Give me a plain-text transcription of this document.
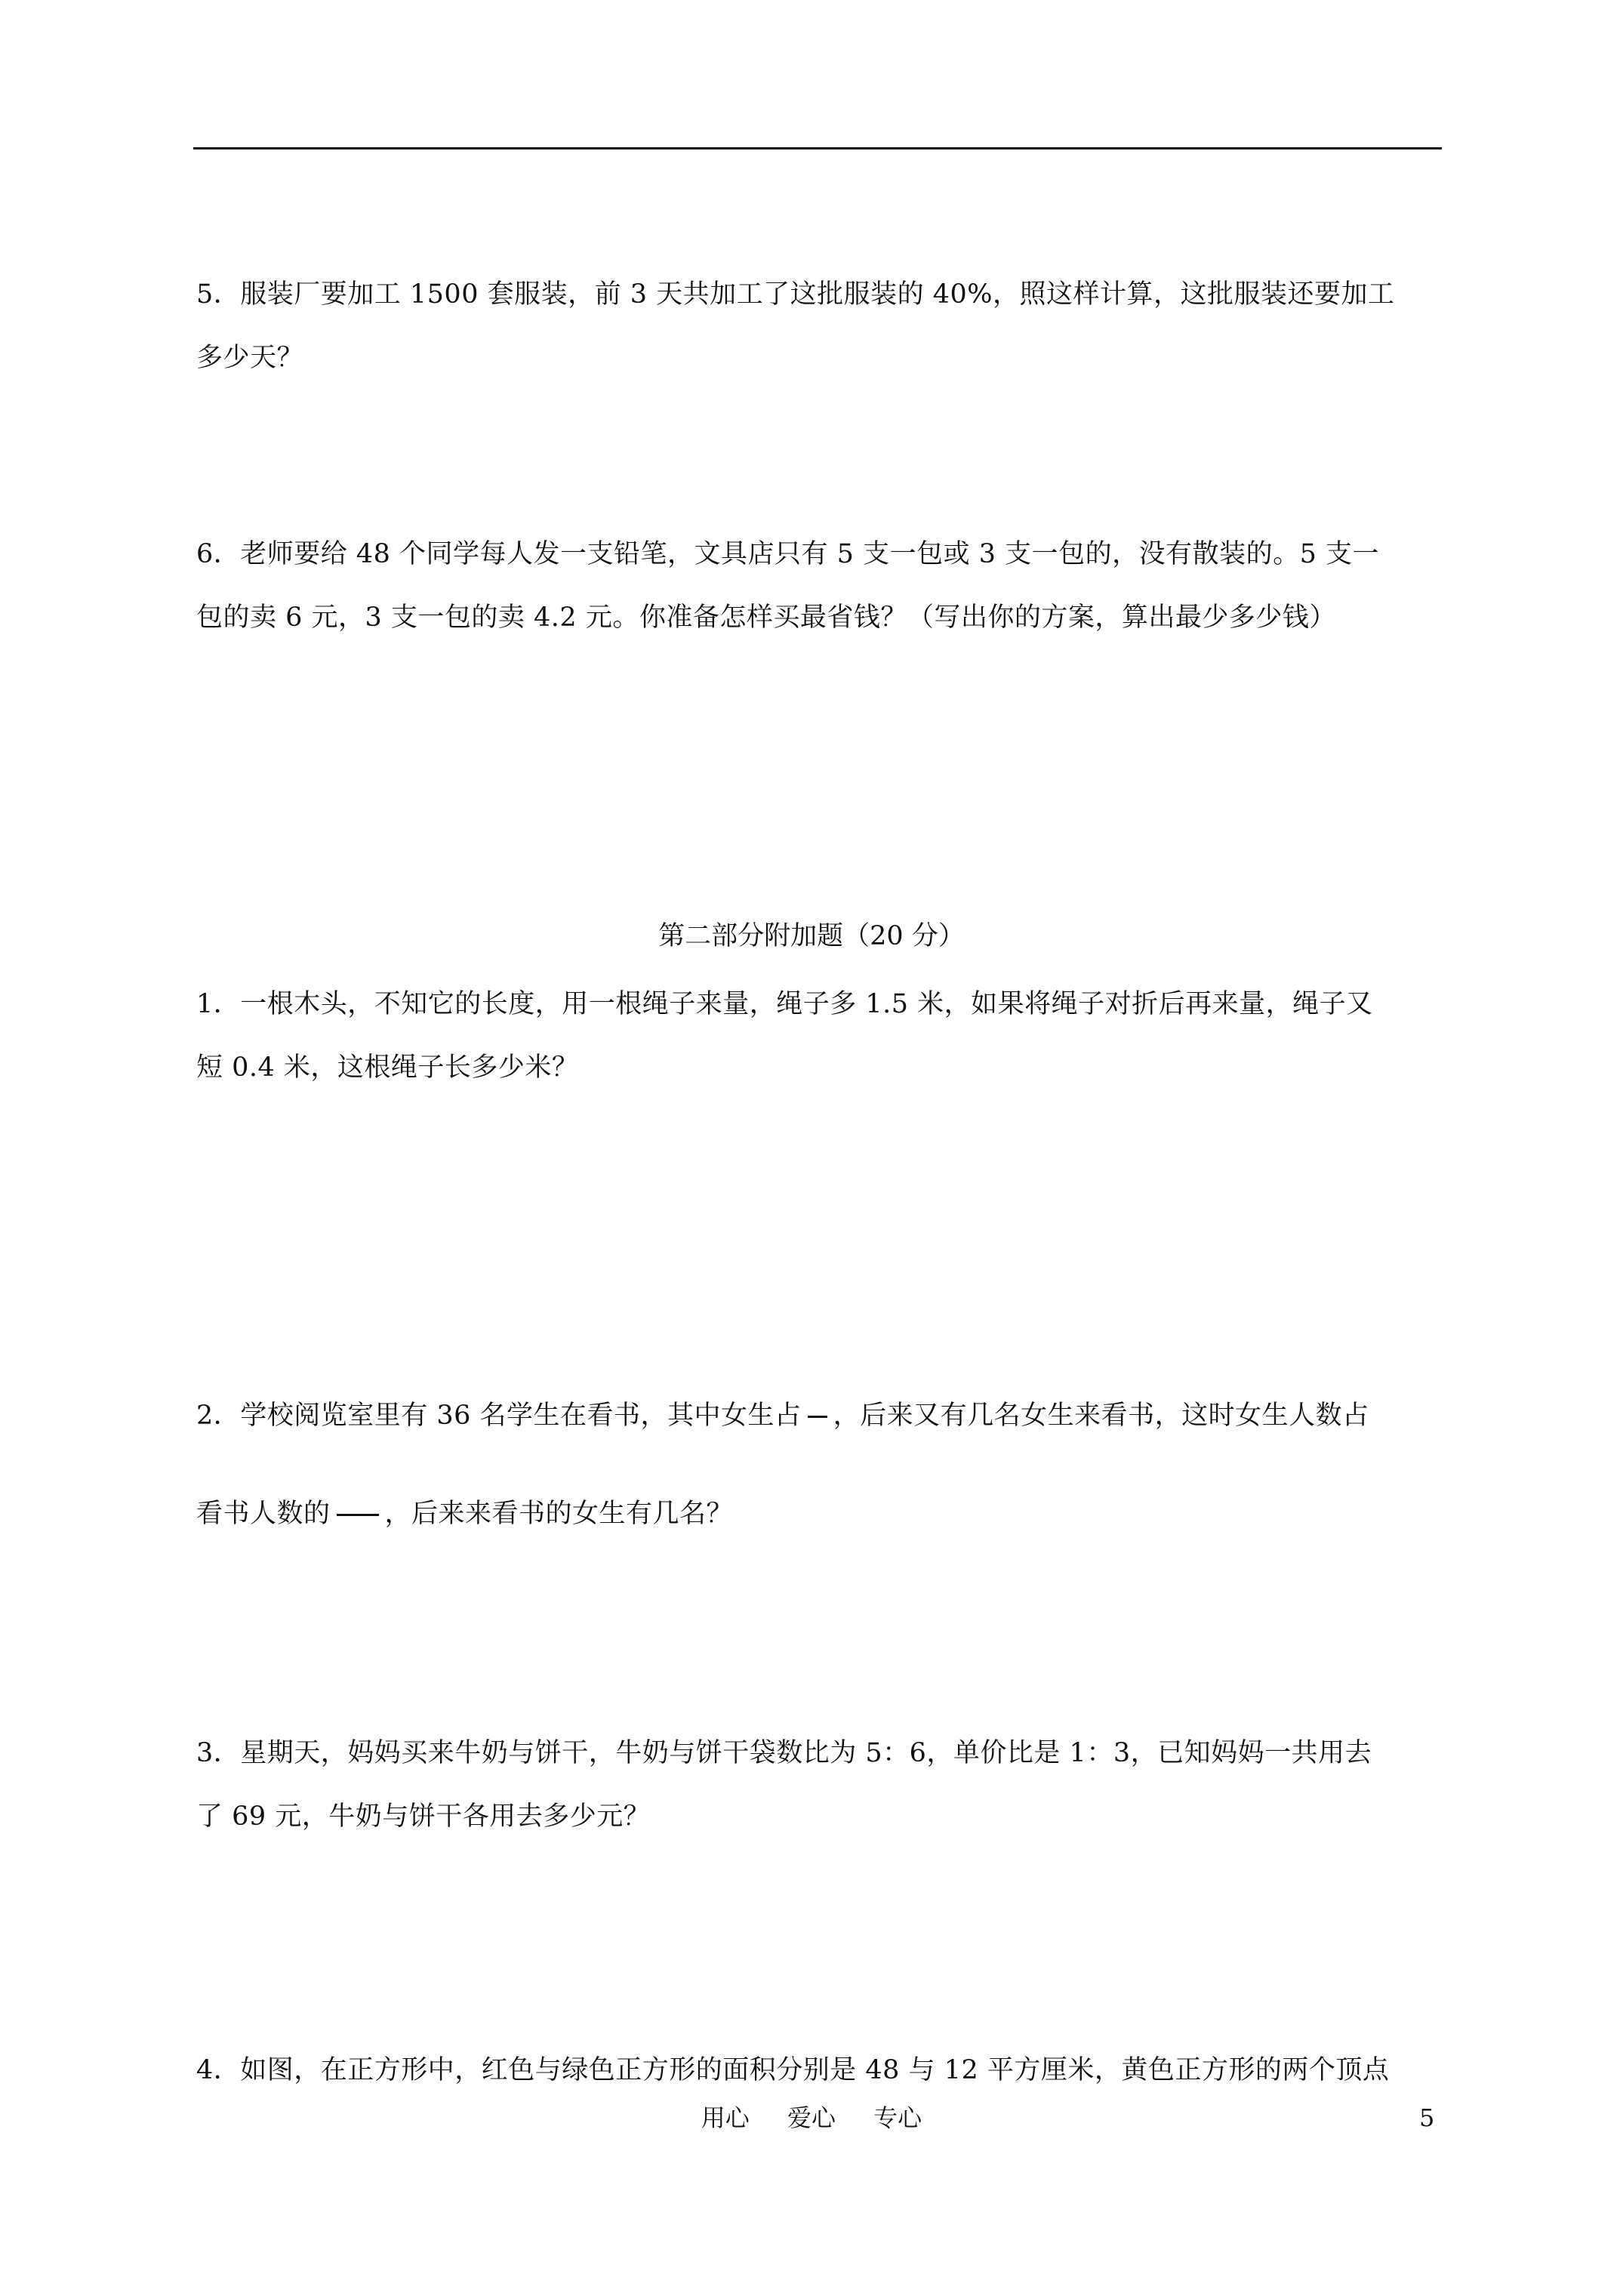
5．服装厂要加工 1500 套服装，前 3 天共加工了这批服装的 40%，照这样计算，这批服装还要加工
多少天？
6．老师要给 48 个同学每人发一支铅笔，文具店只有 5 支一包或 3 支一包的，没有散装的。5 支一
包的卖 6 元，3 支一包的卖 4.2 元。你准备怎样买最省钱？（写出你的方案，算出最少多少钱）
第二部分附加题（20 分）
1．一根木头，不知它的长度，用一根绳子来量，绳子多 1.5 米，如果将绳子对折后再来量，绳子又
短 0.4 米，这根绳子长多少米？
2．学校阅览室里有 36 名学生在看书，其中女生占 ，后来又有几名女生来看书，这时女生人数占
看书人数的 ，后来来看书的女生有几名？
3．星期天，妈妈买来牛奶与饼干，牛奶与饼干袋数比为 5：6，单价比是 1：3，已知妈妈一共用去
了 69 元，牛奶与饼干各用去多少元？
4．如图，在正方形中，红色与绿色正方形的面积分别是 48 与 12 平方厘米，黄色正方形的两个顶点
用心 爱心 专心	5
